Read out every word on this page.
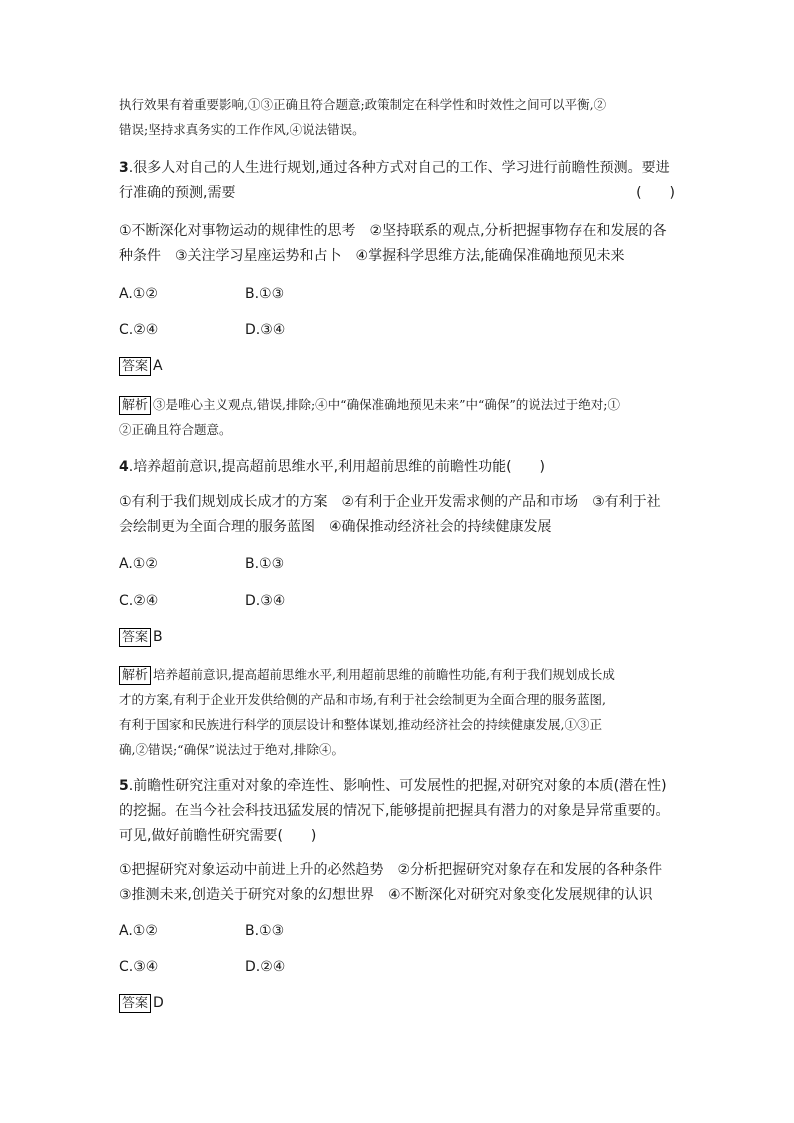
执行效果有着重要影响,①③正确且符合题意;政策制定在科学性和时效性之间可以平衡,②
错误;坚持求真务实的工作作风,④说法错误。
3.很多人对自己的人生进行规划,通过各种方式对自己的工作、学习进行前瞻性预测。要进
行准确的预测,需要	(　　)
①不断深化对事物运动的规律性的思考　②坚持联系的观点,分析把握事物存在和发展的各
种条件　③关注学习星座运势和占卜　④掌握科学思维方法,能确保准确地预见未来
A.①②	B.①③
C.②④	D.③④
答案 A
解析 ③是唯心主义观点,错误,排除;④中“确保准确地预见未来”中“确保”的说法过于绝对;①
②正确且符合题意。
4.培养超前意识,提高超前思维水平,利用超前思维的前瞻性功能(　　)
①有利于我们规划成长成才的方案　②有利于企业开发需求侧的产品和市场　③有利于社
会绘制更为全面合理的服务蓝图　④确保推动经济社会的持续健康发展
A.①②	B.①③
C.②④	D.③④
答案 B
解析 培养超前意识,提高超前思维水平,利用超前思维的前瞻性功能,有利于我们规划成长成
才的方案,有利于企业开发供给侧的产品和市场,有利于社会绘制更为全面合理的服务蓝图,
有利于国家和民族进行科学的顶层设计和整体谋划,推动经济社会的持续健康发展,①③正
确,②错误;“确保”说法过于绝对,排除④。
5.前瞻性研究注重对对象的牵连性、影响性、可发展性的把握,对研究对象的本质(潜在性)
的挖掘。在当今社会科技迅猛发展的情况下,能够提前把握具有潜力的对象是异常重要的。
可见,做好前瞻性研究需要(　　)
①把握研究对象运动中前进上升的必然趋势　②分析把握研究对象存在和发展的各种条件
③推测未来,创造关于研究对象的幻想世界　④不断深化对研究对象变化发展规律的认识
A.①②	B.①③
C.③④	D.②④
答案 D
